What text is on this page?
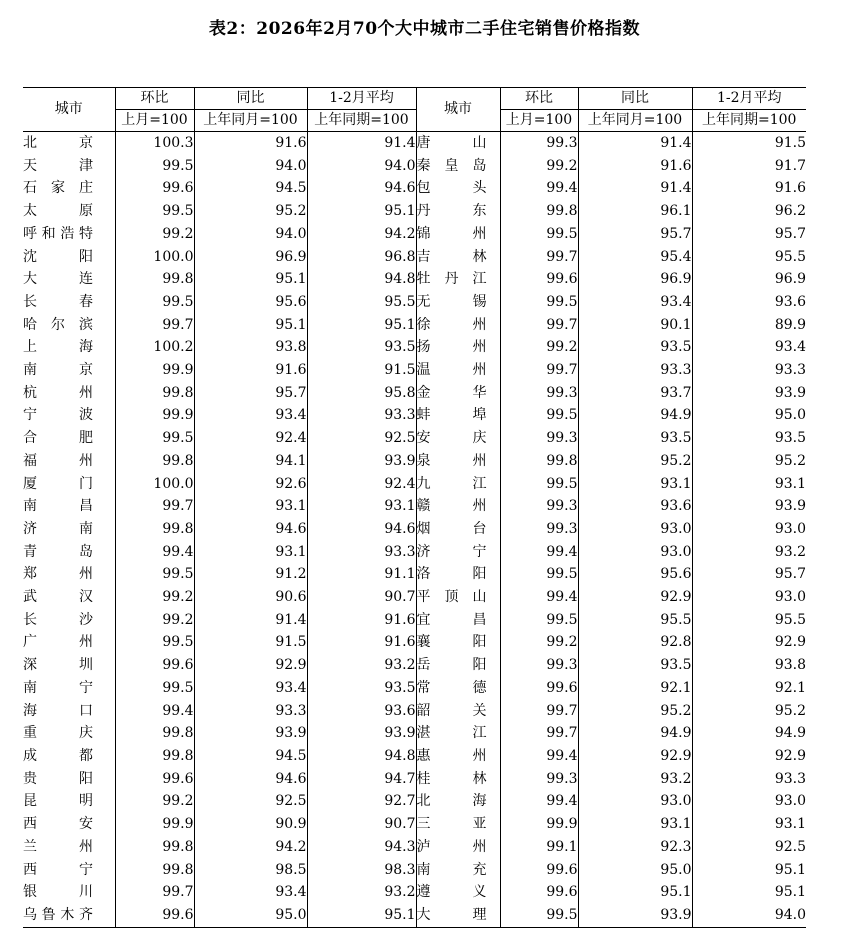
表2：2026年2月70个大中城市二手住宅销售价格指数
城市	环比	同比	1-2月平均	城市	环比	同比	1-2月平均
	上月=100	上年同月=100	上年同期=100		上月=100	上年同月=100	上年同期=100
北京	100.3	91.6	91.4	唐山	99.3	91.4	91.5
天津	99.5	94.0	94.0	秦皇岛	99.2	91.6	91.7
石家庄	99.6	94.5	94.6	包头	99.4	91.4	91.6
太原	99.5	95.2	95.1	丹东	99.8	96.1	96.2
呼和浩特	99.2	94.0	94.2	锦州	99.5	95.7	95.7
沈阳	100.0	96.9	96.8	吉林	99.7	95.4	95.5
大连	99.8	95.1	94.8	牡丹江	99.6	96.9	96.9
长春	99.5	95.6	95.5	无锡	99.5	93.4	93.6
哈尔滨	99.7	95.1	95.1	徐州	99.7	90.1	89.9
上海	100.2	93.8	93.5	扬州	99.2	93.5	93.4
南京	99.9	91.6	91.5	温州	99.7	93.3	93.3
杭州	99.8	95.7	95.8	金华	99.3	93.7	93.9
宁波	99.9	93.4	93.3	蚌埠	99.5	94.9	95.0
合肥	99.5	92.4	92.5	安庆	99.3	93.5	93.5
福州	99.8	94.1	93.9	泉州	99.8	95.2	95.2
厦门	100.0	92.6	92.4	九江	99.5	93.1	93.1
南昌	99.7	93.1	93.1	赣州	99.3	93.6	93.9
济南	99.8	94.6	94.6	烟台	99.3	93.0	93.0
青岛	99.4	93.1	93.3	济宁	99.4	93.0	93.2
郑州	99.5	91.2	91.1	洛阳	99.5	95.6	95.7
武汉	99.2	90.6	90.7	平顶山	99.4	92.9	93.0
长沙	99.2	91.4	91.6	宜昌	99.5	95.5	95.5
广州	99.5	91.5	91.6	襄阳	99.2	92.8	92.9
深圳	99.6	92.9	93.2	岳阳	99.3	93.5	93.8
南宁	99.5	93.4	93.5	常德	99.6	92.1	92.1
海口	99.4	93.3	93.6	韶关	99.7	95.2	95.2
重庆	99.8	93.9	93.9	湛江	99.7	94.9	94.9
成都	99.8	94.5	94.8	惠州	99.4	92.9	92.9
贵阳	99.6	94.6	94.7	桂林	99.3	93.2	93.3
昆明	99.2	92.5	92.7	北海	99.4	93.0	93.0
西安	99.9	90.9	90.7	三亚	99.9	93.1	93.1
兰州	99.8	94.2	94.3	泸州	99.1	92.3	92.5
西宁	99.8	98.5	98.3	南充	99.6	95.0	95.1
银川	99.7	93.4	93.2	遵义	99.6	95.1	95.1
乌鲁木齐	99.6	95.0	95.1	大理	99.5	93.9	94.0
